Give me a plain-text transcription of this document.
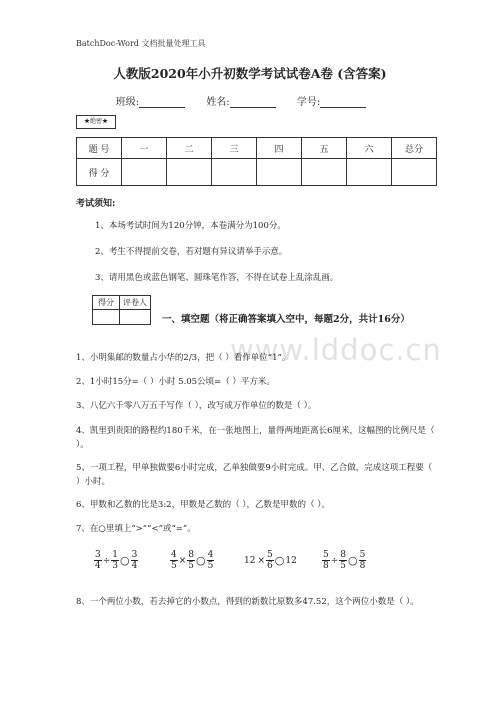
BatchDoc-Word 文档批量处理工具
人教版2020年小升初数学考试试卷A卷 (含答案)
班级:	姓名:	学号:
★绝密★
题 号	一	二	三	四	五	六	总分
得 分							
考试须知:
1、本场考试时间为120分钟，本卷满分为100分。
2、考生不得提前交卷，若对题有异议请举手示意。
3、请用黑色或蓝色钢笔、圆珠笔作答，不得在试卷上乱涂乱画。
得分	评卷人

一、填空题（将正确答案填入空中，每题2分，共计16分）
www.lddoc.cn
1、小明集邮的数量占小华的2/3，把（ ）看作单位“1”。
2、1小时15分=（ ）小时 5.05公顷=（ ）平方米。
3、八亿六千零八万五千写作（ ），改写成万作单位的数是（ ）。
4、凯里到贵阳的路程约180千米，在一张地图上，量得两地距离长6厘米，这幅图的比例尺是（ ）。
5、一项工程，甲单独做要6小时完成，乙单独做要9小时完成。甲、乙合做，完成这项工程要（ ）小时。
6、甲数和乙数的比是3:2，甲数是乙数的（ ），乙数是甲数的（ ）。
7、在○里填上“>”“<”或“=”。
$\frac{3}{4} \div \frac{1}{3}$ ○ $\frac{3}{4}$	$\frac{4}{5} \times \frac{8}{5}$ ○ $\frac{4}{5}$	$12 \times \frac{5}{6}$ ○12	$\frac{5}{8} \div \frac{8}{5}$ ○ $\frac{5}{8}$
8、一个两位小数，若去掉它的小数点，得到的新数比原数多47.52，这个两位小数是（ ）。
